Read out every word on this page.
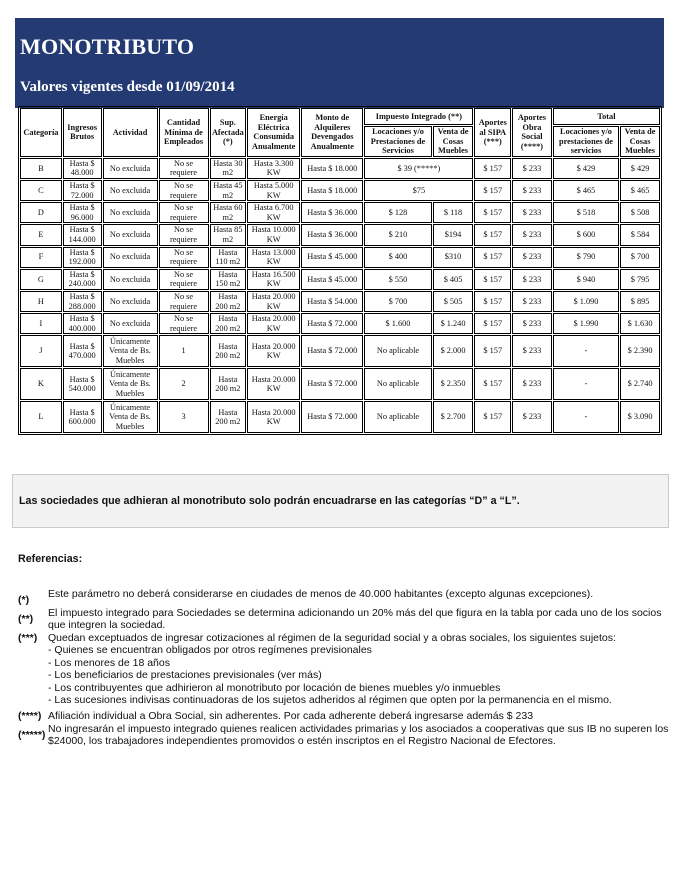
MONOTRIBUTO
Valores vigentes desde 01/09/2014
Categoría	Ingresos Brutos	Actividad	Cantidad Mínima de Empleados	Sup. Afectada (*)	Energía Eléctrica Consumida Anualmente	Monto de Alquileres Devengados Anualmente	Impuesto Integrado (**)		Aportes al SIPA (***)	Aportes Obra Social (****)	Total	
							Locaciones y/o Prestaciones de Servicios	Venta de Cosas Muebles			Locaciones y/o prestaciones de servicios	Venta de Cosas Muebles
B	Hasta $ 48.000	No excluida	No se requiere	Hasta 30 m2	Hasta 3.300 KW	Hasta $ 18.000	$ 39 (*****)		$ 157	$ 233	$ 429	$ 429
C	Hasta $ 72.000	No excluida	No se requiere	Hasta 45 m2	Hasta 5.000 KW	Hasta $ 18.000	$75		$ 157	$ 233	$ 465	$ 465
D	Hasta $ 96.000	No excluida	No se requiere	Hasta 60 m2	Hasta 6.700 KW	Hasta $ 36.000	$ 128	$ 118	$ 157	$ 233	$ 518	$ 508
E	Hasta $ 144.000	No excluida	No se requiere	Hasta 85 m2	Hasta 10.000 KW	Hasta $ 36.000	$ 210	$194	$ 157	$ 233	$ 600	$ 584
F	Hasta $ 192.000	No excluida	No se requiere	Hasta 110 m2	Hasta 13.000 KW	Hasta $ 45.000	$ 400	$310	$ 157	$ 233	$ 790	$ 700
G	Hasta $ 240.000	No excluida	No se requiere	Hasta 150 m2	Hasta 16.500 KW	Hasta $ 45.000	$ 550	$ 405	$ 157	$ 233	$ 940	$ 795
H	Hasta $ 288.000	No excluida	No se requiere	Hasta 200 m2	Hasta 20.000 KW	Hasta $ 54.000	$ 700	$ 505	$ 157	$ 233	$ 1.090	$ 895
I	Hasta $ 400.000	No excluida	No se requiere	Hasta 200 m2	Hasta 20.000 KW	Hasta $ 72.000	$ 1.600	$ 1.240	$ 157	$ 233	$ 1.990	$ 1.630
J	Hasta $ 470.000	Únicamente Venta de Bs. Muebles	1	Hasta 200 m2	Hasta 20.000 KW	Hasta $ 72.000	No aplicable	$ 2.000	$ 157	$ 233	-	$ 2.390
K	Hasta $ 540.000	Únicamente Venta de Bs. Muebles	2	Hasta 200 m2	Hasta 20.000 KW	Hasta $ 72.000	No aplicable	$ 2.350	$ 157	$ 233	-	$ 2.740
L	Hasta $ 600.000	Únicamente Venta de Bs. Muebles	3	Hasta 200 m2	Hasta 20.000 KW	Hasta $ 72.000	No aplicable	$ 2.700	$ 157	$ 233	-	$ 3.090
Las sociedades que adhieran al monotributo solo podrán encuadrarse en las categorías “D” a “L”.
Referencias:
(*) Este parámetro no deberá considerarse en ciudades de menos de 40.000 habitantes (excepto algunas excepciones).
(**) El impuesto integrado para Sociedades se determina adicionando un 20% más del que figura en la tabla por cada uno de los socios que integren la sociedad.
(***) Quedan exceptuados de ingresar cotizaciones al régimen de la seguridad social y a obras sociales, los siguientes sujetos:
- Quienes se encuentran obligados por otros regímenes previsionales
- Los menores de 18 años
- Los beneficiarios de prestaciones previsionales (ver más)
- Los contribuyentes que adhirieron al monotributo por locación de bienes muebles y/o inmuebles
- Las sucesiones indivisas continuadoras de los sujetos adheridos al régimen que opten por la permanencia en el mismo.
(****) Afiliación individual a Obra Social, sin adherentes. Por cada adherente deberá ingresarse además $ 233
(*****) No ingresarán el impuesto integrado quienes realicen actividades primarias y los asociados a cooperativas que sus IB no superen los $24000, los trabajadores independientes promovidos o estén inscriptos en el Registro Nacional de Efectores.
